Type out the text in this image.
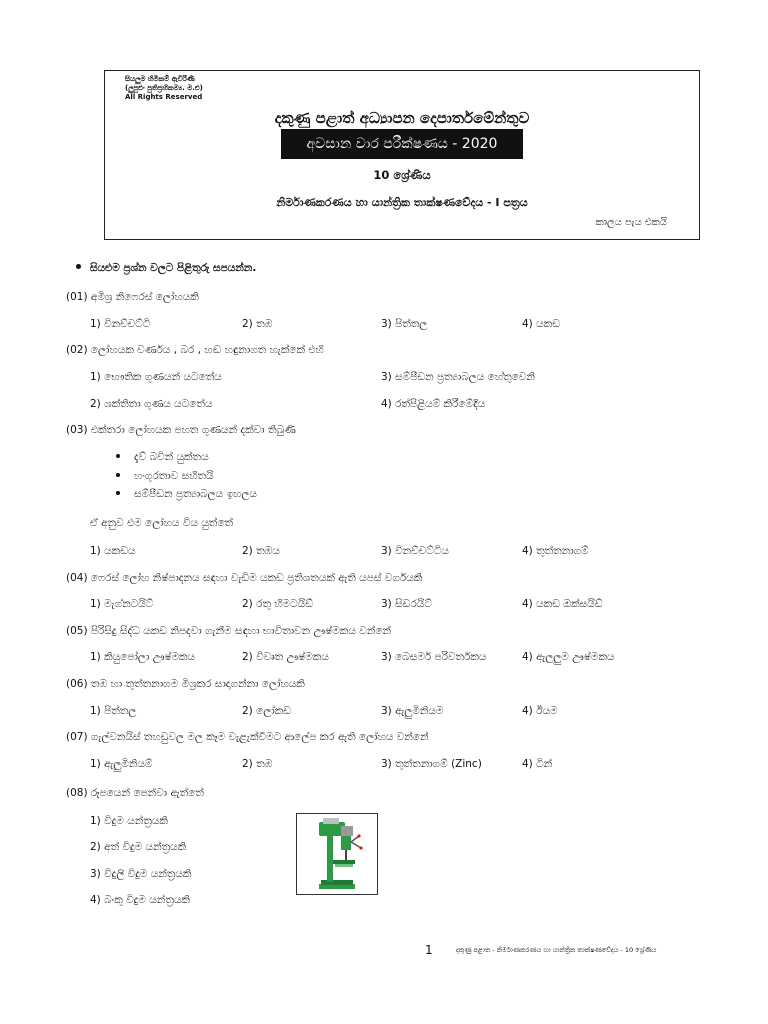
සියලුම හිමිකම් ඇවිරිණි
(ලුපුළුං පුතිප්‍රහිකම්‍ය. ම.ළු)
All Rights Reserved
දකුණු පළාත් අධ්‍යාපන දෙපාර්තමේන්තුව
අවසාන වාර පරීක්ෂණය - 2020
10 ශ්‍රේණිය
නිර්මාණකරණය හා යාන්ත්‍රික තාක්ෂණවේදය - I පත්‍රය
කාලය පැය එකයි
සියළුම ප්‍රශ්න වලට පිළිතුරු සපයන්න.
(01) අමිශ්‍ර නිෆෙරස් ලෝහයකි
1) විනච්චට්ටි	2) තඹ	3) පිත්තල	4) යකඩ
(02) ලෝහයක වර්ණය , බර , හඬ හඳුනාගත හැක්කේ එහි
1) භෞතික ගුණයන් යටතේය	3) සම්පීඩන ප්‍රත්‍යාබලය හේතුවෙනි
2) ශක්තිතා ගුණය යටතේය	4) රත්පිළියම් කිරීමේදිය
(03) එක්තරා ලෝහයක පහත ගුණයන් දක්වා තිබුණි
දැව් බවින් යුක්තය
හංගුරතාව සහිතයි
සම්පීඩන ප්‍රත්‍යාබලය ඉහලය
ඒ අනුව එම ලෝහය විය යුත්තේ
1) යකඩය	2) තඹය	3) විනච්චට්ටිය	4) තුත්තනාගම්
(04) ෆෙරස් ලෝහ නිෂ්පාදනය සඳහා වැඩිම යකඩ ප්‍රතිශතයක් ඇති යපස් වර්ගයකි
1) මැග්නටයිට්	2) රතු හිමටයිඩ්	3) සිඩරයිට්	4) යකඩ ඔක්සයිඩ්
(05) පිරිසිදු සිද්ධ යකඩ නිපදවා ගැනීම සඳහා භාවිතාවන ඌෂ්මකය වන්නේ
1) කියුපෝලා ඌෂ්මකය	2) විවෘත ඌෂ්මකය	3) බෙසමර් පරිවර්තකය	4) ඇලලුම ඌෂ්මකය
(06) තඹ හා තුත්තනාගම මිශ්‍රකර සාදාගන්නා ලෝහයකි
1) පිත්තල	2) ලෝකඩ	3) ඇලුමිනියම	4) ඊයම
(07) ගැල්වනයිස් තහඩුවල මල කෑම වැළැක්වීමට ආලේප කර ඇති ලෝහය වන්නේ
1) ඇලුමිනියම්	2) තඹ	3) තුත්තනාගම් (Zinc)	4) ටින්
(08) රූපයෙන් පෙන්වා ඇත්තේ
1) විදුම යන්ත්‍රයකි
2) අත් විදුම යන්ත්‍රයකි
3) විදුලි විදුම යන්ත්‍රයකි
4) බංකු විදුම යන්ත්‍රයකි
1	දකුණු පළාත - නිර්මාණකරණය හා යාන්ත්‍රික තාක්ෂණවේදය - 10 ශ්‍රේණිය
